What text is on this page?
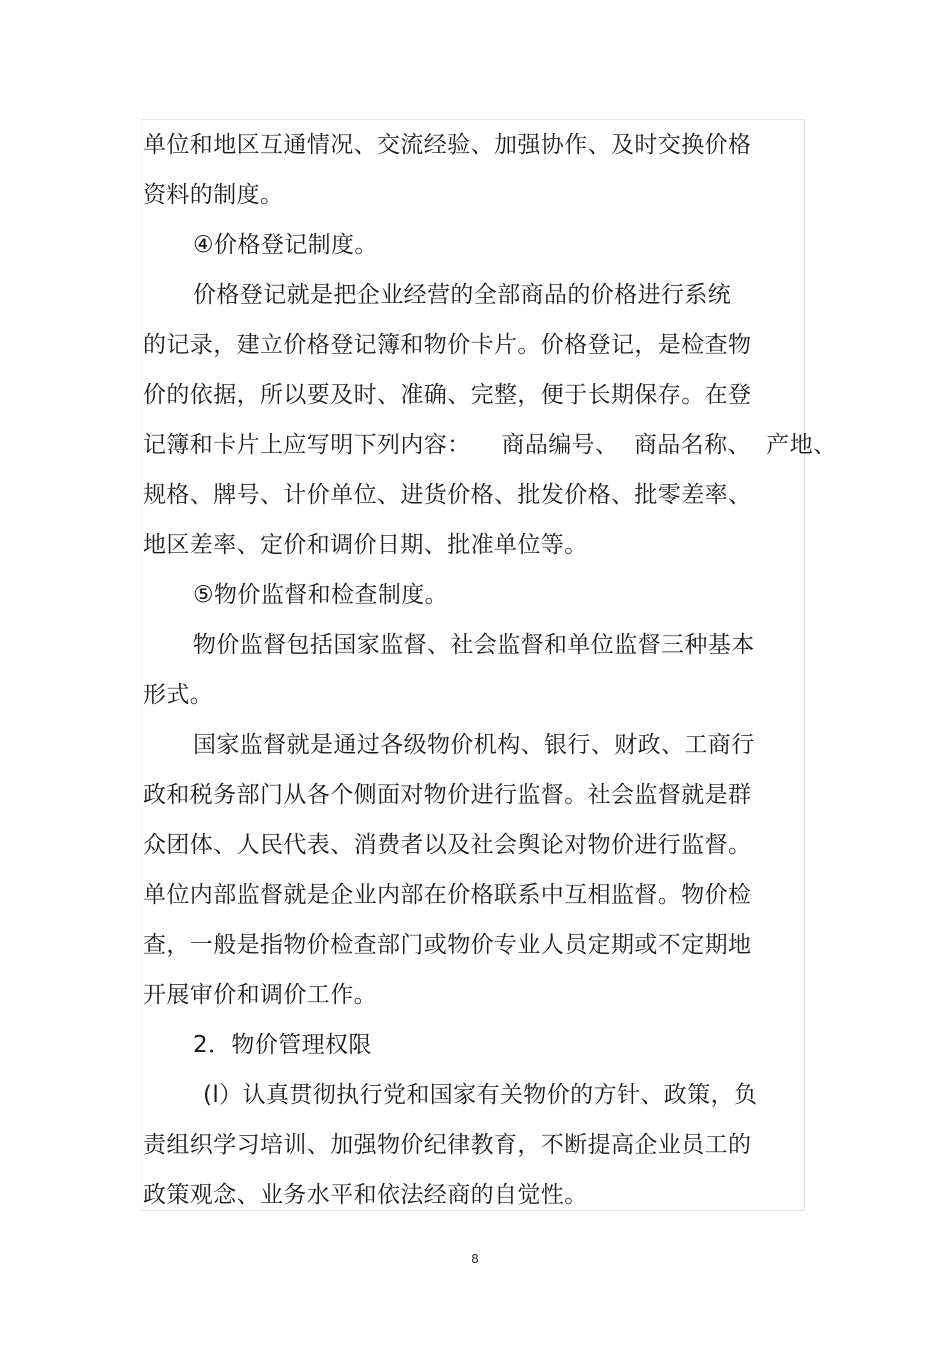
单位和地区互通情况、交流经验、加强协作、及时交换价格
资料的制度。
④价格登记制度。
价格登记就是把企业经营的全部商品的价格进行系统
的记录，建立价格登记簿和物价卡片。价格登记，是检查物
价的依据，所以要及时、准确、完整，便于长期保存。在登
记簿和卡片上应写明下列内容：    商品编号、  商品名称、  产地、
规格、牌号、计价单位、进货价格、批发价格、批零差率、
地区差率、定价和调价日期、批准单位等。
⑤物价监督和检查制度。
物价监督包括国家监督、社会监督和单位监督三种基本
形式。
国家监督就是通过各级物价机构、银行、财政、工商行
政和税务部门从各个侧面对物价进行监督。社会监督就是群
众团体、人民代表、消费者以及社会舆论对物价进行监督。
单位内部监督就是企业内部在价格联系中互相监督。物价检
查，一般是指物价检查部门或物价专业人员定期或不定期地
开展审价和调价工作。
2．物价管理权限
(l）认真贯彻执行党和国家有关物价的方针、政策，负
责组织学习培训、加强物价纪律教育，不断提高企业员工的
政策观念、业务水平和依法经商的自觉性。
8
